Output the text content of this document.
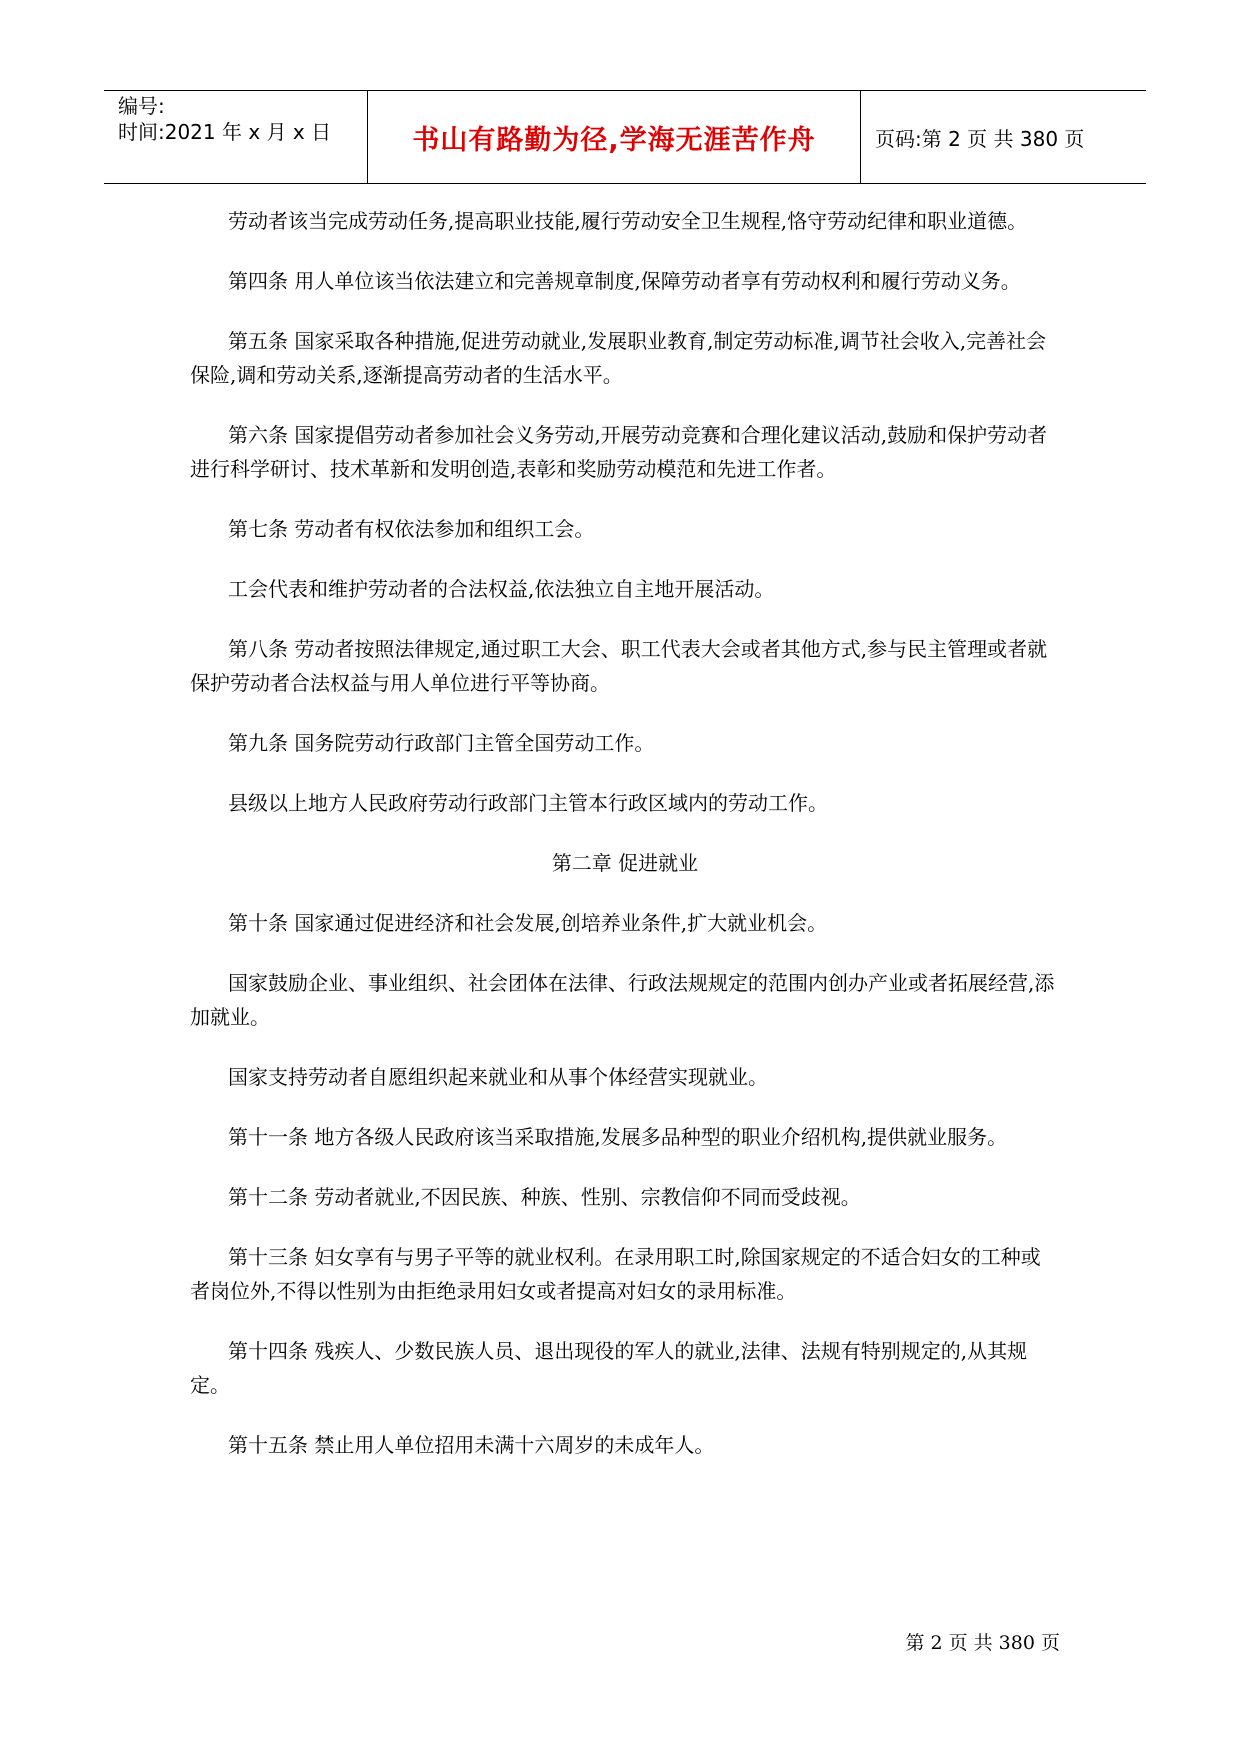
编号:
时间:2021 年 x 月 x 日	书山有路勤为径,学海无涯苦作舟	页码:第 2 页 共 380 页

劳动者该当完成劳动任务,提高职业技能,履行劳动安全卫生规程,恪守劳动纪律和职业道德。

第四条 用人单位该当依法建立和完善规章制度,保障劳动者享有劳动权利和履行劳动义务。

第五条 国家采取各种措施,促进劳动就业,发展职业教育,制定劳动标准,调节社会收入,完善社会保险,调和劳动关系,逐渐提高劳动者的生活水平。

第六条 国家提倡劳动者参加社会义务劳动,开展劳动竞赛和合理化建议活动,鼓励和保护劳动者进行科学研讨、技术革新和发明创造,表彰和奖励劳动模范和先进工作者。

第七条 劳动者有权依法参加和组织工会。

工会代表和维护劳动者的合法权益,依法独立自主地开展活动。

第八条 劳动者按照法律规定,通过职工大会、职工代表大会或者其他方式,参与民主管理或者就保护劳动者合法权益与用人单位进行平等协商。

第九条 国务院劳动行政部门主管全国劳动工作。

县级以上地方人民政府劳动行政部门主管本行政区域内的劳动工作。

第二章 促进就业

第十条 国家通过促进经济和社会发展,创培养业条件,扩大就业机会。

国家鼓励企业、事业组织、社会团体在法律、行政法规规定的范围内创办产业或者拓展经营,添加就业。

国家支持劳动者自愿组织起来就业和从事个体经营实现就业。

第十一条 地方各级人民政府该当采取措施,发展多品种型的职业介绍机构,提供就业服务。

第十二条 劳动者就业,不因民族、种族、性别、宗教信仰不同而受歧视。

第十三条 妇女享有与男子平等的就业权利。在录用职工时,除国家规定的不适合妇女的工种或者岗位外,不得以性别为由拒绝录用妇女或者提高对妇女的录用标准。

第十四条 残疾人、少数民族人员、退出现役的军人的就业,法律、法规有特别规定的,从其规定。

第十五条 禁止用人单位招用未满十六周岁的未成年人。

第 2 页 共 380 页
